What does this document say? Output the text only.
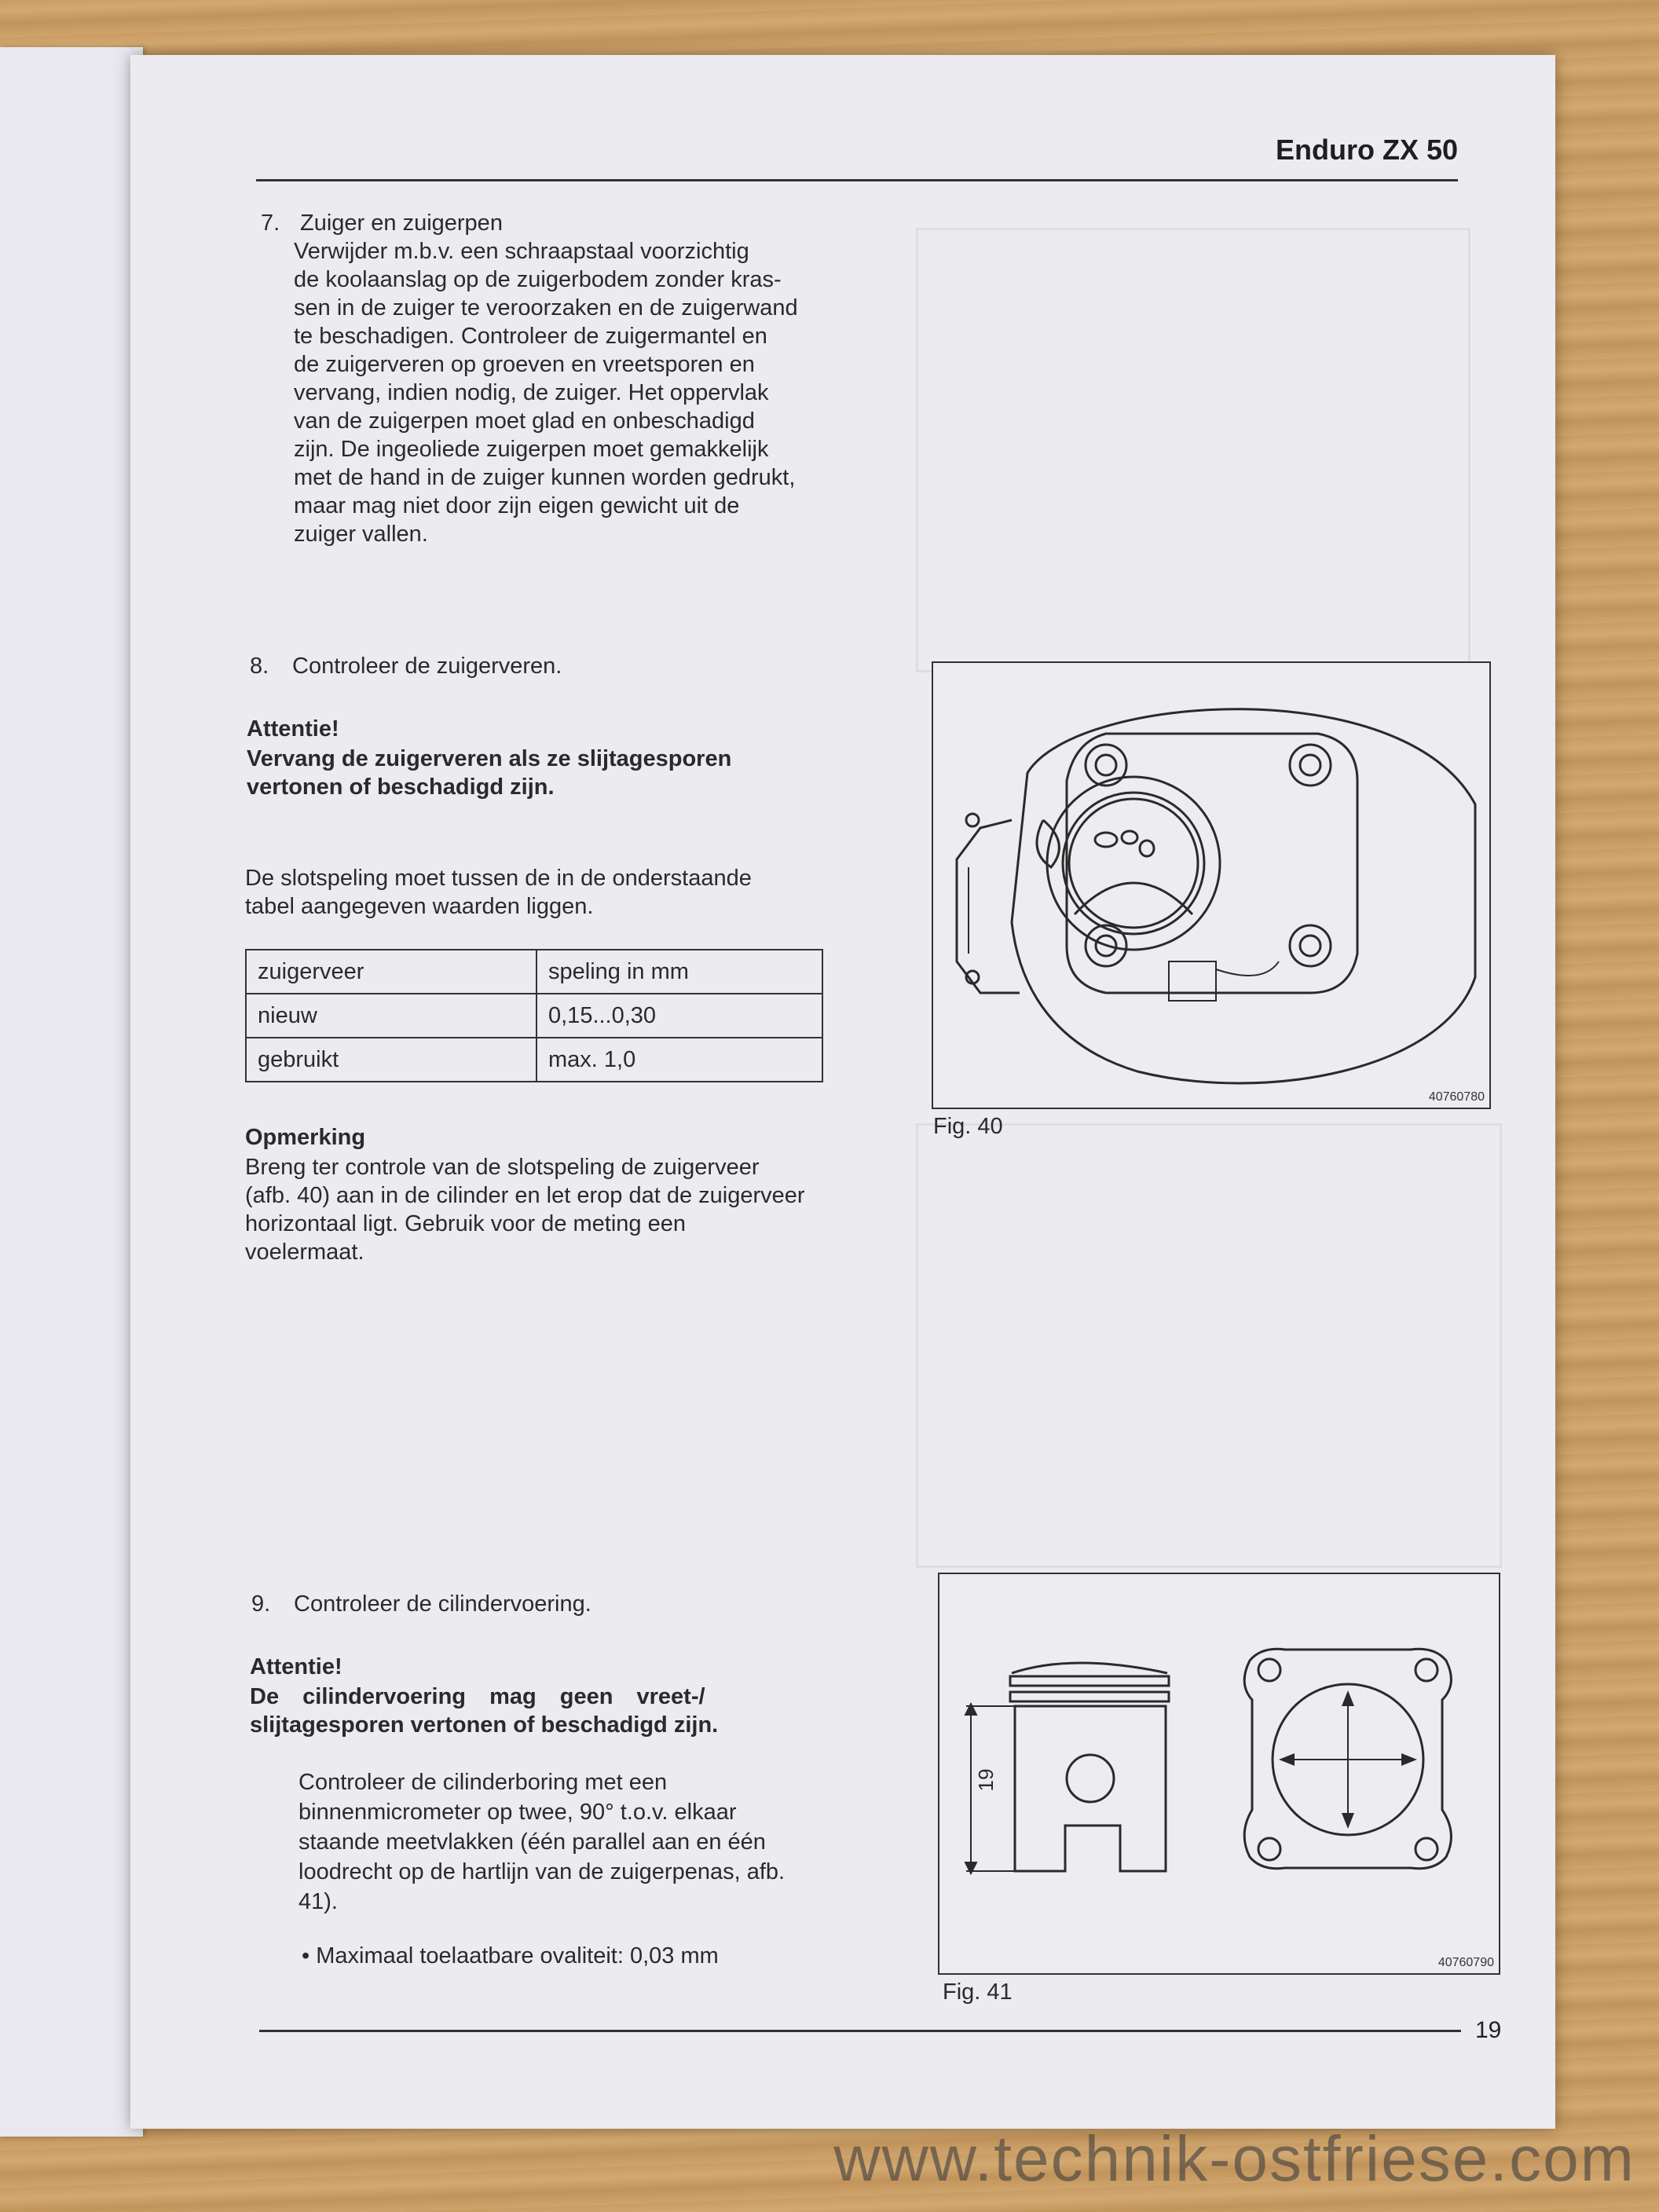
Enduro ZX 50
7. Zuiger en zuigerpen
Verwijder m.b.v. een schraapstaal voorzichtig
de koolaanslag op de zuigerbodem zonder kras-
sen in de zuiger te veroorzaken en de zuigerwand
te beschadigen. Controleer de zuigermantel en
de zuigerveren op groeven en vreetsporen en
vervang, indien nodig, de zuiger. Het oppervlak
van de zuigerpen moet glad en onbeschadigd
zijn. De ingeoliede zuigerpen moet gemakkelijk
met de hand in de zuiger kunnen worden gedrukt,
maar mag niet door zijn eigen gewicht uit de
zuiger vallen.
8. Controleer de zuigerveren.
Attentie!
Vervang de zuigerveren als ze slijtagesporen
vertonen of beschadigd zijn.
De slotspeling moet tussen de in de onderstaande
tabel aangegeven waarden liggen.
zuigerveer	speling in mm
nieuw	0,15...0,30
gebruikt	max. 1,0
Opmerking
Breng ter controle van de slotspeling de zuigerveer
(afb. 40) aan in de cilinder en let erop dat de zuigerveer
horizontaal ligt. Gebruik voor de meting een
voelermaat.
40760780
Fig. 40
9. Controleer de cilindervoering.
Attentie!
De cilindervoering mag geen vreet-/
slijtagesporen vertonen of beschadigd zijn.
Controleer de cilinderboring met een
binnenmicrometer op twee, 90° t.o.v. elkaar
staande meetvlakken (één parallel aan en één
loodrecht op de hartlijn van de zuigerpenas, afb.
41).
• Maximaal toelaatbare ovaliteit: 0,03 mm
19
40760790
Fig. 41
19
www.technik-ostfriese.com
